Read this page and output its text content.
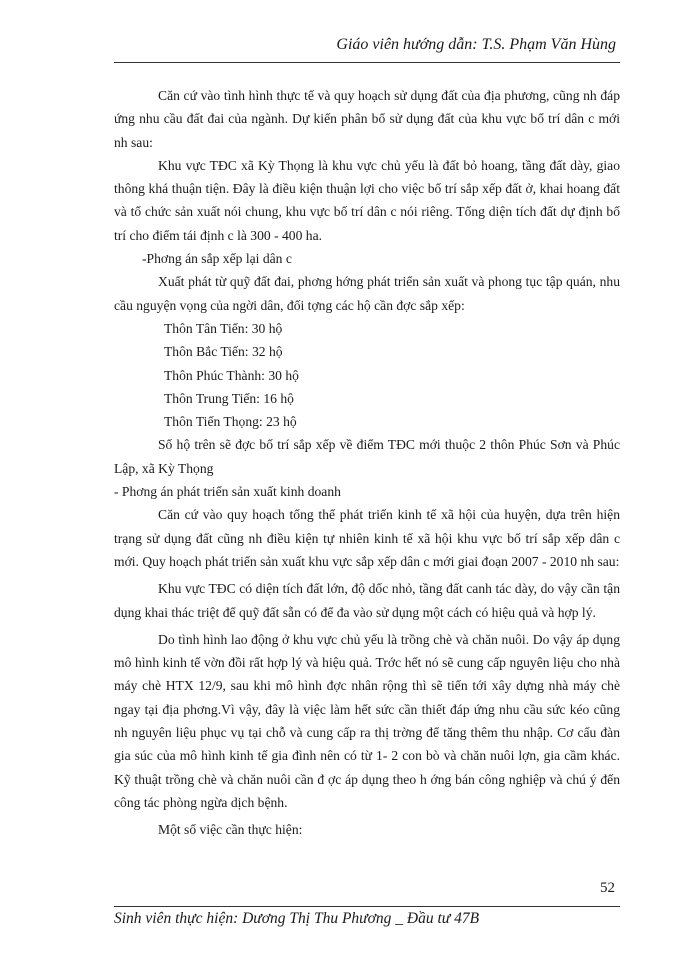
Giáo viên hướng dẫn: T.S. Phạm Văn Hùng

Căn cứ vào tình hình thực tế và quy hoạch sử dụng đất của địa phương, cũng nh đáp ứng nhu cầu đất đai của ngành. Dự kiến phân bổ sử dụng đất của khu vực bố trí dân c mới nh sau:

Khu vực TĐC xã Kỳ Thọng là khu vực chủ yếu là đất bỏ hoang, tầng đất dày, giao thông khá thuận tiện. Đây là điều kiện thuận lợi cho việc bố trí sắp xếp đất ở, khai hoang đất và tổ chức sản xuất nói chung, khu vực bố trí dân c nói riêng. Tổng diện tích đất dự định bố trí cho điểm tái định c là 300 - 400 ha.

-Phơng án sắp xếp lại dân c

Xuất phát từ quỹ đất đai, phơng hớng phát triển sản xuất và phong tục tập quán, nhu cầu nguyện vọng của ngời dân, đối tợng các hộ cần đợc sắp xếp:

Thôn Tân Tiến: 30 hộ

Thôn Bắc Tiến: 32 hộ

Thôn Phúc Thành: 30 hộ

Thôn Trung Tiến: 16 hộ

Thôn Tiến Thọng: 23 hộ

Số hộ trên sẽ đợc bố trí sắp xếp về điểm TĐC mới thuộc 2 thôn Phúc Sơn và Phúc Lập, xã Kỳ Thọng

- Phơng án phát triển sản xuất kinh doanh

Căn cứ vào quy hoạch tổng thể phát triển kinh tế xã hội của huyện, dựa trên hiện trạng sử dụng đất cũng nh điều kiện tự nhiên kinh tế xã hội khu vực bố trí sắp xếp dân c mới. Quy hoạch phát triển sản xuất khu vực sắp xếp dân c mới giai đoạn 2007 - 2010 nh sau:

Khu vực TĐC có diện tích đất lớn, độ dốc nhỏ, tầng đất canh tác dày, do vậy cần tận dụng khai thác triệt để quỹ đất sẵn có để đa vào sử dụng một cách có hiệu quả và hợp lý.

Do tình hình lao động ở khu vực chủ yếu là trồng chè và chăn nuôi. Do vậy áp dụng mô hình kinh tế vờn đồi rất hợp lý và hiệu quả. Trớc hết nó sẽ cung cấp nguyên liệu cho nhà máy chè HTX 12/9, sau khi mô hình đợc nhân rộng thì sẽ tiến tới xây dựng nhà máy chè ngay tại địa phơng.Vì vậy, đây là việc làm hết sức cần thiết đáp ứng nhu cầu sức kéo cũng nh nguyên liệu phục vụ tại chỗ và cung cấp ra thị trờng để tăng thêm thu nhập. Cơ cấu đàn gia súc của mô hình kinh tế gia đình nên có từ 1- 2 con bò và chăn nuôi lợn, gia cầm khác. Kỹ thuật trồng chè và chăn nuôi cần đ ợc áp dụng theo h ớng bán công nghiệp và chú ý đến công tác phòng ngừa dịch bệnh.

Một số việc cần thực hiện:

52
Sinh viên thực hiện: Dương Thị Thu Phương _ Đầu tư 47B
